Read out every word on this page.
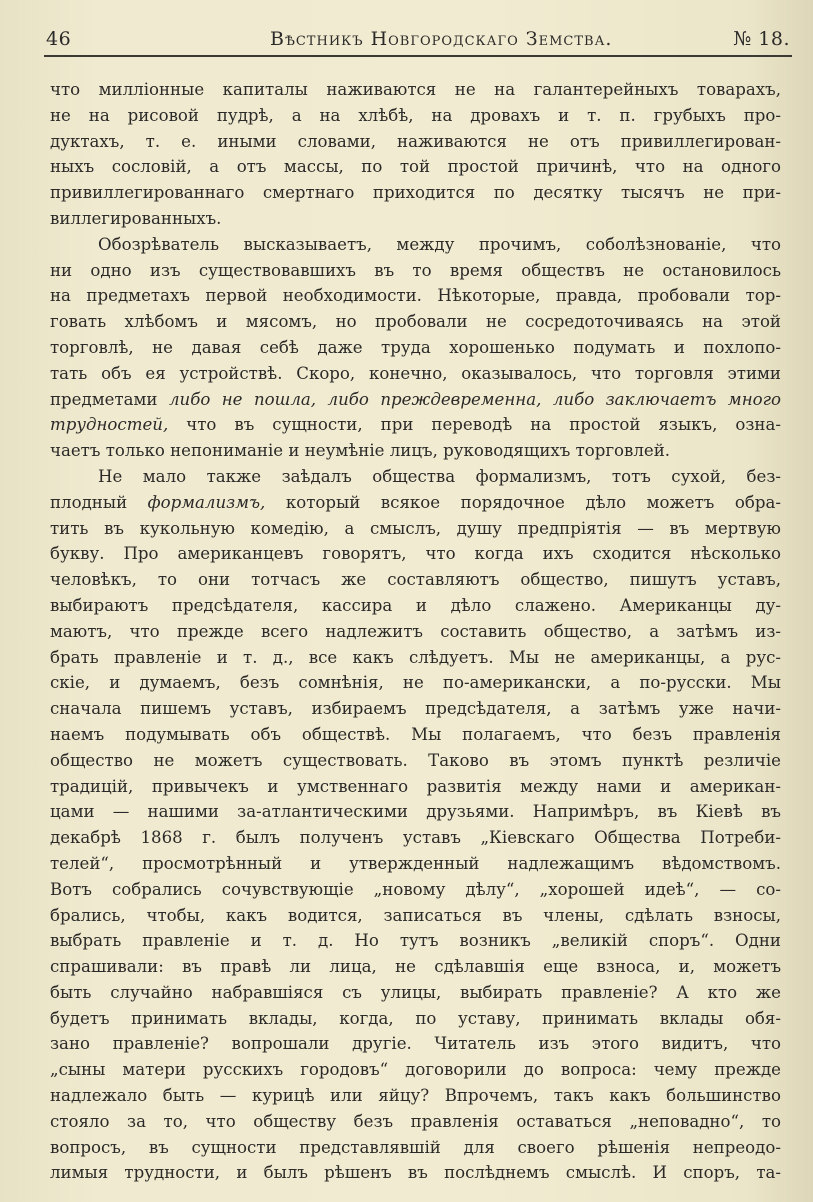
46	Вѣстникъ Новгородскаго Земства.	№ 18.
что милліонные капиталы наживаются не на галантерейныхъ товарахъ,
не на рисовой пудрѣ, а на хлѣбѣ, на дровахъ и т. п. грубыхъ про-
дуктахъ, т. е. иными словами, наживаются не отъ привиллегирован-
ныхъ сословій, а отъ массы, по той простой причинѣ, что на одного
привиллегированнаго смертнаго приходится по десятку тысячъ не при-
виллегированныхъ.
Обозрѣватель высказываетъ, между прочимъ, соболѣзнованіе, что
ни одно изъ существовавшихъ въ то время обществъ не остановилось
на предметахъ первой необходимости. Нѣкоторые, правда, пробовали тор-
говать хлѣбомъ и мясомъ, но пробовали не сосредоточиваясь на этой
торговлѣ, не давая себѣ даже труда хорошенько подумать и похлопо-
тать объ ея устройствѣ. Скоро, конечно, оказывалось, что торговля этими
предметами либо не пошла, либо преждевременна, либо заключаетъ много
трудностей, что въ сущности, при переводѣ на простой языкъ, озна-
чаетъ только непониманіе и неумѣніе лицъ, руководящихъ торговлей.
Не мало также заѣдалъ общества формализмъ, тотъ сухой, без-
плодный формализмъ, который всякое порядочное дѣло можетъ обра-
тить въ кукольную комедію, а смыслъ, душу предпріятія — въ мертвую
букву. Про американцевъ говорятъ, что когда ихъ сходится нѣсколько
человѣкъ, то они тотчасъ же составляютъ общество, пишутъ уставъ,
выбираютъ предсѣдателя, кассира и дѣло слажено. Американцы ду-
маютъ, что прежде всего надлежитъ составить общество, а затѣмъ из-
брать правленіе и т. д., все какъ слѣдуетъ. Мы не американцы, а рус-
скіе, и думаемъ, безъ сомнѣнія, не по-американски, а по-русски. Мы
сначала пишемъ уставъ, избираемъ предсѣдателя, а затѣмъ уже начи-
наемъ подумывать объ обществѣ. Мы полагаемъ, что безъ правленія
общество не можетъ существовать. Таково въ этомъ пунктѣ резличіе
традицій, привычекъ и умственнаго развитія между нами и американ-
цами — нашими за-атлантическими друзьями. Напримѣръ, въ Кіевѣ въ
декабрѣ 1868 г. былъ полученъ уставъ „Кіевскаго Общества Потреби-
телей“, просмотрѣнный и утвержденный надлежащимъ вѣдомствомъ.
Вотъ собрались сочувствующіе „новому дѣлу“, „хорошей идеѣ“, — со-
брались, чтобы, какъ водится, записаться въ члены, сдѣлать взносы,
выбрать правленіе и т. д. Но тутъ возникъ „великій споръ“. Одни
спрашивали: въ правѣ ли лица, не сдѣлавшія еще взноса, и, можетъ
быть случайно набравшіяся съ улицы, выбирать правленіе? А кто же
будетъ принимать вклады, когда, по уставу, принимать вклады обя-
зано правленіе? вопрошали другіе. Читатель изъ этого видитъ, что
„сыны матери русскихъ городовъ“ договорили до вопроса: чему прежде
надлежало быть — курицѣ или яйцу? Впрочемъ, такъ какъ большинство
стояло за то, что обществу безъ правленія оставаться „неповадно“, то
вопросъ, въ сущности представлявшій для своего рѣшенія непреодо-
лимыя трудности, и былъ рѣшенъ въ послѣднемъ смыслѣ. И споръ, та-
